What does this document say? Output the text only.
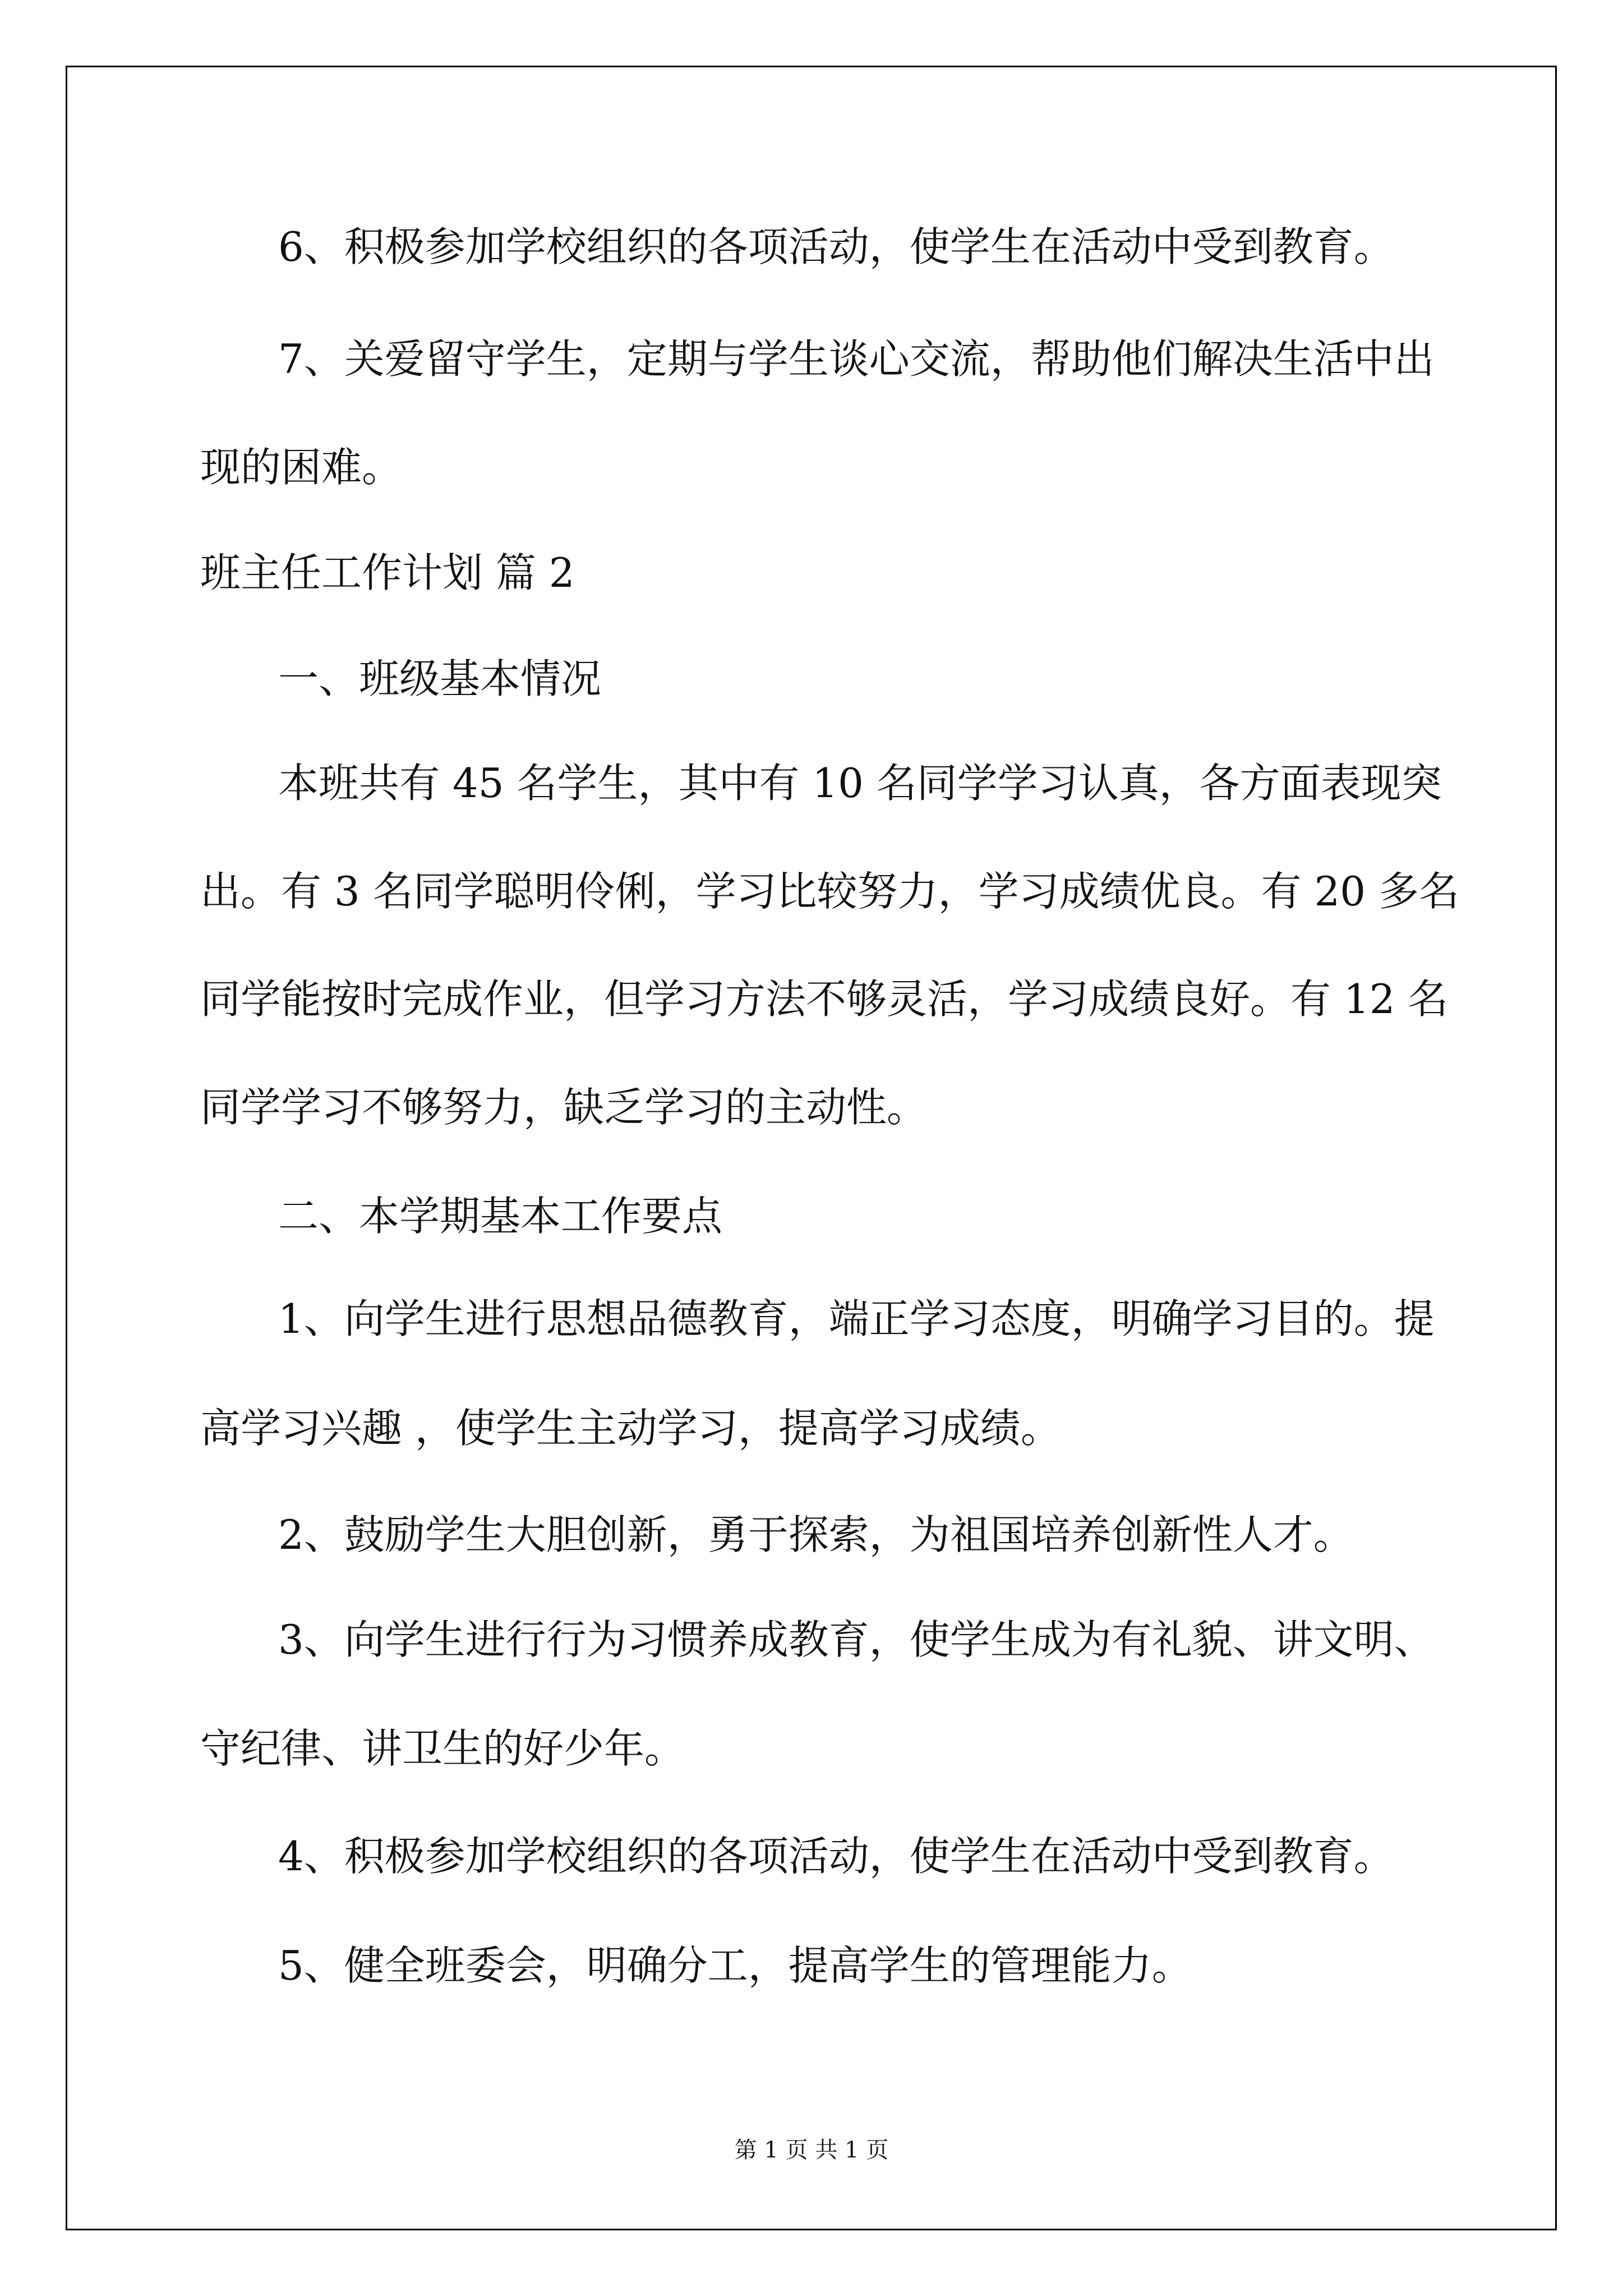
6、积极参加学校组织的各项活动，使学生在活动中受到教育。
7、关爱留守学生，定期与学生谈心交流，帮助他们解决生活中出
现的困难。
班主任工作计划 篇 2
一、班级基本情况
本班共有 45 名学生，其中有 10 名同学学习认真，各方面表现突
出。有 3 名同学聪明伶俐，学习比较努力，学习成绩优良。有 20 多名
同学能按时完成作业，但学习方法不够灵活，学习成绩良好。有 12 名
同学学习不够努力，缺乏学习的主动性。
二、本学期基本工作要点
1、向学生进行思想品德教育，端正学习态度，明确学习目的。提
高学习兴趣 ，使学生主动学习，提高学习成绩。
2、鼓励学生大胆创新，勇于探索，为祖国培养创新性人才。
3、向学生进行行为习惯养成教育，使学生成为有礼貌、讲文明、
守纪律、讲卫生的好少年。
4、积极参加学校组织的各项活动，使学生在活动中受到教育。
5、健全班委会，明确分工，提高学生的管理能力。
第 1 页 共 1 页
